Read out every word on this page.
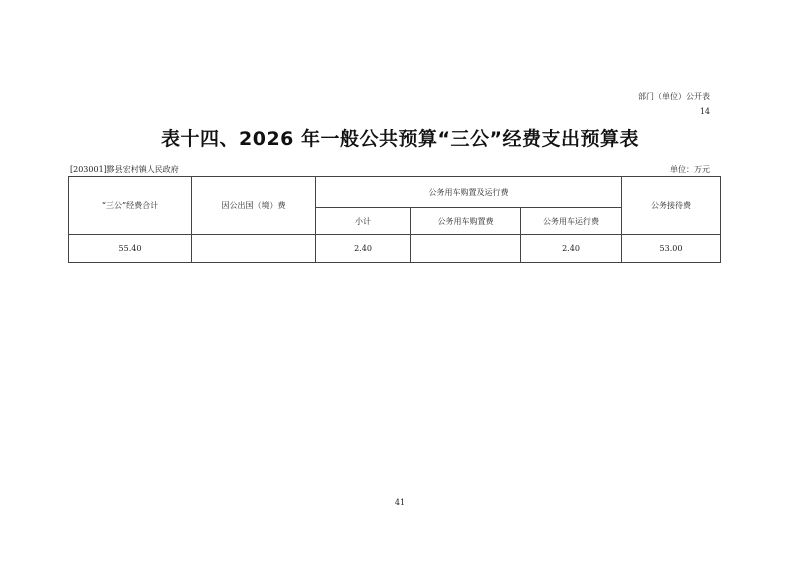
部门（单位）公开表
14
表十四、2026 年一般公共预算“三公”经费支出预算表
[203001]黟县宏村镇人民政府	单位：万元
“三公”经费合计	因公出国（境）费	公务用车购置及运行费			公务接待费
		小计	公务用车购置费	公务用车运行费	
55.40		2.40		2.40	53.00
41
